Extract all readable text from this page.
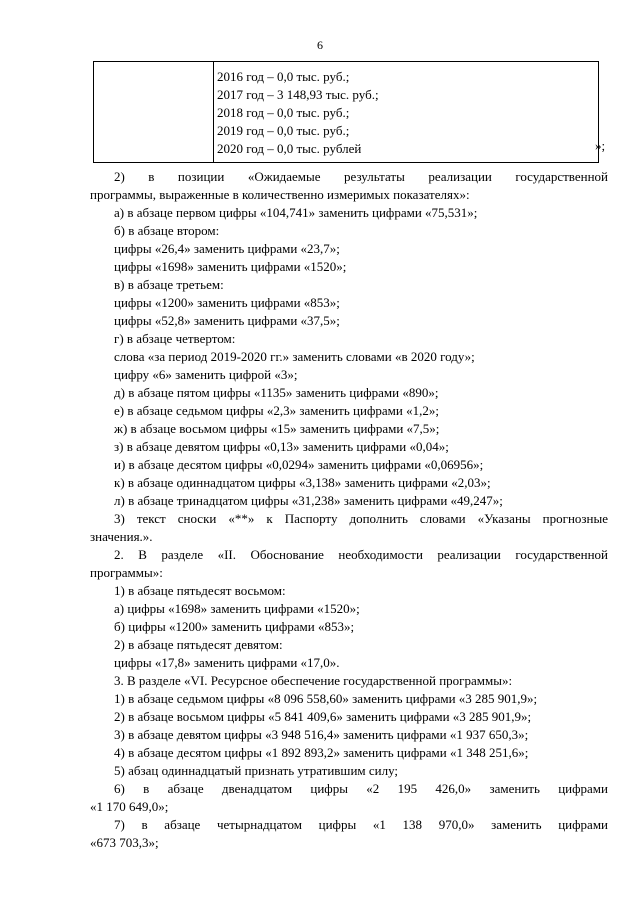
6

2016 год – 0,0 тыс. руб.;
2017 год – 3 148,93 тыс. руб.;
2018 год – 0,0 тыс. руб.;
2019 год – 0,0 тыс. руб.;
2020 год – 0,0 тыс. рублей	»;
2) в позиции «Ожидаемые результаты реализации государственной
программы, выраженные в количественно измеримых показателях»:
а) в абзаце первом цифры «104,741» заменить цифрами «75,531»;
б) в абзаце втором:
цифры «26,4» заменить цифрами «23,7»;
цифры «1698» заменить цифрами «1520»;
в) в абзаце третьем:
цифры «1200» заменить цифрами «853»;
цифры «52,8» заменить цифрами «37,5»;
г) в абзаце четвертом:
слова «за период 2019-2020 гг.» заменить словами «в 2020 году»;
цифру «6» заменить цифрой «3»;
д) в абзаце пятом цифры «1135» заменить цифрами «890»;
е) в абзаце седьмом цифры «2,3» заменить цифрами «1,2»;
ж) в абзаце восьмом цифры «15» заменить цифрами «7,5»;
з) в абзаце девятом цифры «0,13» заменить цифрами «0,04»;
и) в абзаце десятом цифры «0,0294» заменить цифрами «0,06956»;
к) в абзаце одиннадцатом цифры «3,138» заменить цифрами «2,03»;
л) в абзаце тринадцатом цифры «31,238» заменить цифрами «49,247»;
3) текст сноски «**» к Паспорту дополнить словами «Указаны прогнозные
значения.».
2. В разделе «II. Обоснование необходимости реализации государственной
программы»:
1) в абзаце пятьдесят восьмом:
а) цифры «1698» заменить цифрами «1520»;
б) цифры «1200» заменить цифрами «853»;
2) в абзаце пятьдесят девятом:
цифры «17,8» заменить цифрами «17,0».
3. В разделе «VI. Ресурсное обеспечение государственной программы»:
1) в абзаце седьмом цифры «8 096 558,60» заменить цифрами «3 285 901,9»;
2) в абзаце восьмом цифры «5 841 409,6» заменить цифрами «3 285 901,9»;
3) в абзаце девятом цифры «3 948 516,4» заменить цифрами «1 937 650,3»;
4) в абзаце десятом цифры «1 892 893,2» заменить цифрами «1 348 251,6»;
5) абзац одиннадцатый признать утратившим силу;
6) в абзаце двенадцатом цифры «2 195 426,0» заменить цифрами
«1 170 649,0»;
7) в абзаце четырнадцатом цифры «1 138 970,0» заменить цифрами
«673 703,3»;
